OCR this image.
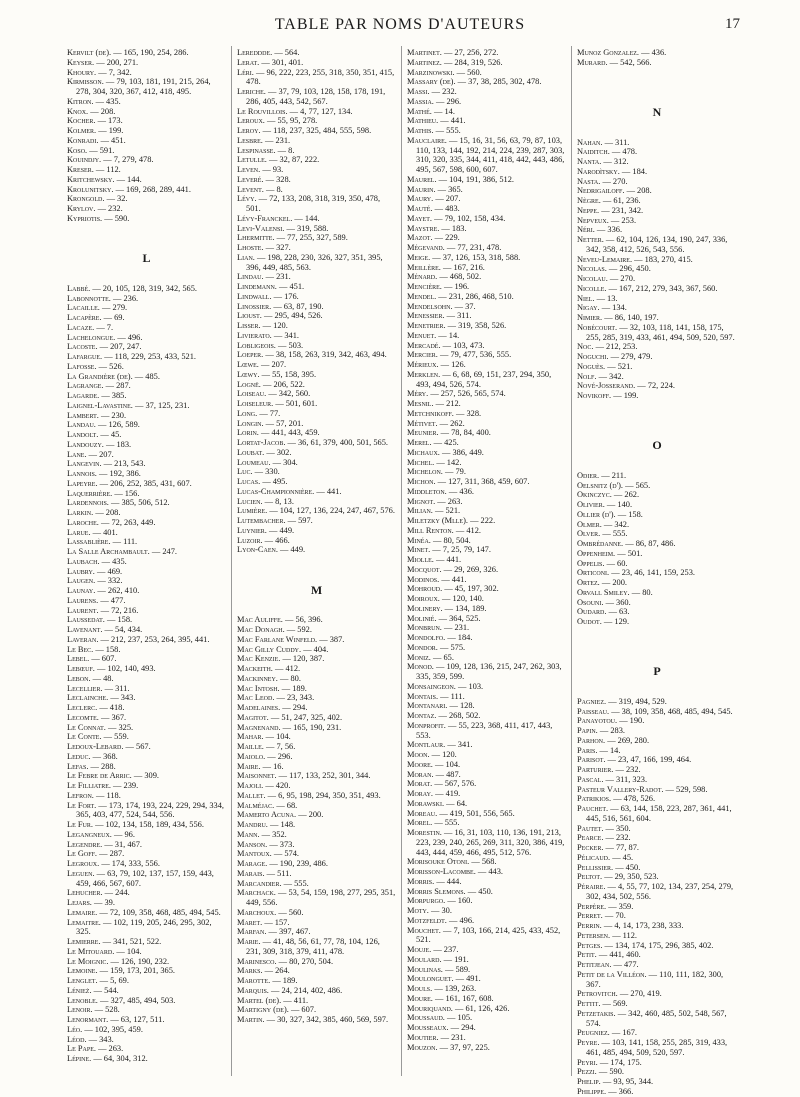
TABLE PAR NOMS D'AUTEURS	17
Kervilt (de). — 165, 190, 254, 286.
Keyser. — 200, 271.
Khoury. — 7, 342.
Kirmisson. — 79, 103, 181, 191, 215, 264, 278, 304, 320, 367, 412, 418, 495.
Kitron. — 435.
Knox. — 208.
Kocher. — 173.
Kolmer. — 199.
Konradi. — 451.
Koso. — 591.
Kouindjy. — 7, 279, 478.
Kreser. — 112.
Kritchewsky. — 144.
Krolunitsky. — 169, 268, 289, 441.
Krongold. — 32.
Krylov. — 232.
Kypriotis. — 590.
L
Labbé. — 20, 105, 128, 319, 342, 565.
Labonnotte. — 236.
Lacaille. — 279.
Lacapère. — 69.
Lacaze. — 7.
Lachelongue. — 496.
Lacoste. — 207, 247.
Lafargue. — 118, 229, 253, 433, 521.
Lafosse. — 526.
La Grandière (de). — 485.
Lagrange. — 287.
Lagarde. — 385.
Laignel-Lavastine. — 37, 125, 231.
Lambert. — 230.
Landau. — 126, 589.
Landolt. — 45.
Landouzy. — 183.
Lane. — 207.
Langevin. — 213, 543.
Lannois. — 192, 386.
Lapeyre. — 206, 252, 385, 431, 607.
Laquerrière. — 156.
Lardennois. — 385, 506, 512.
Larkin. — 208.
Laroche. — 72, 263, 449.
Larue. — 401.
Lassablière. — 111.
La Salle Archambault. — 247.
Laubach. — 435.
Laubry. — 469.
Laugen. — 332.
Launay. — 262, 410.
Laurens. — 477.
Laurent. — 72, 216.
Laussedat. — 158.
Lavenant. — 54, 434.
Laveran. — 212, 237, 253, 264, 395, 441.
Le Bec. — 158.
Lebel. — 607.
Lebœuf. — 102, 140, 493.
Lebon. — 48.
Lecellier. — 311.
Leclainche. — 343.
Leclerc. — 418.
Lecomte. — 367.
Le Connat. — 325.
Le Conte. — 559.
Ledoux-Lebard. — 567.
Leduc. — 368.
Lefas. — 288.
Le Febre de Arric. — 309.
Le Filliatre. — 239.
Lefron. — 118.
Le Fort. — 173, 174, 193, 224, 229, 294, 334, 365, 403, 477, 524, 544, 556.
Le Fur. — 102, 134, 158, 189, 434, 556.
Legangneux. — 96.
Legendre. — 31, 467.
Le Goff. — 287.
Legroux. — 174, 333, 556.
Leguen. — 63, 79, 102, 137, 157, 159, 443, 459, 466, 567, 607.
Lehucher. — 244.
Lejars. — 39.
Lemaire. — 72, 109, 358, 468, 485, 494, 545.
Lemaitre. — 102, 119, 205, 246, 295, 302, 325.
Lemierre. — 341, 521, 522.
Le Mitouard. — 104.
Le Moignic. — 126, 190, 232.
Lemoine. — 159, 173, 201, 365.
Lenglet. — 5, 69.
Lénież. — 544.
Lenoble. — 327, 485, 494, 503.
Lenoir. — 528.
Lenormant. — 63, 127, 511.
Léo. — 102, 395, 459.
Léod. — 343.
Le Pape. — 263.
Lépine. — 64, 304, 312.
Lereddde. — 564.
Lerat. — 301, 401.
Léri. — 96, 222, 223, 255, 318, 350, 351, 415, 478.
Leriche. — 37, 79, 103, 128, 158, 178, 191, 286, 405, 443, 542, 567.
Le Rouvillois. — 4, 77, 127, 134.
Leroux. — 55, 95, 278.
Leroy. — 118, 237, 325, 484, 555, 598.
Lesbre. — 231.
Lespinasse. — 8.
Letulle. — 32, 87, 222.
Leven. — 93.
Leveré. — 328.
Levent. — 8.
Lévy. — 72, 133, 208, 318, 319, 350, 478, 501.
Lévy-Franckel. — 144.
Levi-Valensi. — 319, 588.
Lhermitte. — 77, 255, 327, 589.
Lhoste. — 327.
Lian. — 198, 228, 230, 326, 327, 351, 395, 396, 449, 485, 563.
Lindau. — 231.
Lindemann. — 451.
Lindwall. — 176.
Linossier. — 63, 87, 190.
Lioust. — 295, 494, 526.
Lisser. — 120.
Livierato. — 341.
Lobligeois. — 503.
Loeper. — 38, 158, 263, 319, 342, 463, 494.
Lœwe. — 207.
Lœwy. — 55, 158, 395.
Lognë. — 206, 522.
Loiseau. — 342, 560.
Loiseleur. — 501, 601.
Long. — 77.
Longin. — 57, 201.
Lorin. — 441, 443, 459.
Lortat-Jacob. — 36, 61, 379, 400, 501, 565.
Loubat. — 302.
Loumeau. — 304.
Luc. — 330.
Lucas. — 495.
Lucas-Championnière. — 441.
Lucien. — 8, 13.
Lumière. — 104, 127, 136, 224, 247, 467, 576.
Lutembacher. — 597.
Luynier. — 449.
Luzoir. — 466.
Lyon-Caen. — 449.
M
Mac Auliffe. — 56, 396.
Mac Donagh. — 592.
Mac Farlane Winfeld. — 387.
Mac Gilly Cuddy. — 404.
Mac Kenzie. — 120, 387.
Mackeith. — 412.
Mackinney. — 80.
Mac Intosh. — 189.
Mac Leod. — 23, 343.
Madelaines. — 294.
Magitot. — 51, 247, 325, 402.
Magnenand. — 165, 190, 231.
Mahar. — 104.
Maille. — 7, 56.
Maiolo. — 296.
Maire. — 16.
Maisonnet. — 117, 133, 252, 301, 344.
Majoli. — 420.
Mallet. — 6, 95, 198, 294, 350, 351, 493.
Malméjac. — 68.
Mamerto Acuna. — 200.
Mandru. — 148.
Mann. — 352.
Manson. — 373.
Mantoux. — 574.
Marage. — 190, 239, 486.
Marais. — 511.
Marcandier. — 555.
Marchack. — 53, 54, 159, 198, 277, 295, 351, 449, 556.
Marchoux. — 560.
Maret. — 157.
Marfan. — 397, 467.
Marie. — 41, 48, 56, 61, 77, 78, 104, 126, 231, 309, 318, 379, 411, 478.
Marinesco. — 80, 270, 504.
Marks. — 264.
Marotte. — 189.
Marquis. — 24, 214, 402, 486.
Martel (de). — 411.
Martigny (de). — 607.
Martin. — 30, 327, 342, 385, 460, 569, 597.
Martinet. — 27, 256, 272.
Martinez. — 284, 319, 526.
Marzinowski. — 560.
Massary (de). — 37, 38, 285, 302, 478.
Massi. — 232.
Massia. — 296.
Mathé. — 14.
Mathieu. — 441.
Mathis. — 555.
Mauclaire. — 15, 16, 31, 56, 63, 79, 87, 103, 110, 133, 144, 192, 214, 224, 239, 287, 303, 310, 320, 335, 344, 411, 418, 442, 443, 486, 495, 567, 598, 600, 607.
Maurel. — 104, 191, 386, 512.
Maurin. — 365.
Maury. — 207.
Mauté. — 483.
Mayet. — 79, 102, 158, 434.
Maystre. — 183.
Mazot. — 229.
Mégevand. — 77, 231, 478.
Meige. — 37, 126, 153, 318, 588.
Meillère. — 167, 216.
Ménard. — 468, 502.
Mencière. — 196.
Mendel. — 231, 286, 468, 510.
Mendelsohn. — 37.
Menessier. — 311.
Menetrier. — 319, 358, 526.
Menuet. — 14.
Mercadé. — 103, 473.
Mercier. — 79, 477, 536, 555.
Mérieux. — 126.
Merklen. — 6, 68, 69, 151, 237, 294, 350, 493, 494, 526, 574.
Méry. — 257, 526, 565, 574.
Mesnil. — 212.
Metchnikoff. — 328.
Métivet. — 262.
Meunier. — 78, 84, 400.
Merel. — 425.
Michaux. — 386, 449.
Michel. — 142.
Michelon. — 79.
Michon. — 127, 311, 368, 459, 607.
Middleton. — 436.
Mignot. — 263.
Milian. — 521.
Miletzky (Mlle). — 222.
Mill Renton. — 412.
Minéa. — 80, 504.
Minet. — 7, 25, 79, 147.
Miolle. — 441.
Mocquot. — 29, 269, 326.
Modinos. — 441.
Mohroud. — 45, 197, 302.
Moiroux. — 120, 140.
Molinery. — 134, 189.
Molinié. — 364, 525.
Monbrun. — 231.
Mondolfo. — 184.
Mondor. — 575.
Moniz. — 65.
Monod. — 109, 128, 136, 215, 247, 262, 303, 335, 359, 599.
Monsaingeon. — 103.
Montais. — 111.
Montanari. — 128.
Montaz. — 268, 502.
Monprofit. — 55, 223, 368, 411, 417, 443, 553.
Montlaur. — 341.
Moon. — 120.
Moore. — 104.
Moran. — 487.
Morat. — 567, 576.
Moray. — 419.
Morawski. — 64.
Moreau. — 419, 501, 556, 565.
Morel. — 555.
Morestin. — 16, 31, 103, 110, 136, 191, 213, 223, 239, 240, 265, 269, 311, 320, 386, 419, 443, 444, 459, 466, 495, 512, 576.
Morisouke Otoni. — 568.
Morisson-Lacombe. — 443.
Morris. — 444.
Morris Slemons. — 450.
Morpurgo. — 160.
Moty. — 30.
Motzfeldt. — 496.
Mouchet. — 7, 103, 166, 214, 425, 433, 452, 521.
Mouje. — 237.
Moulard. — 191.
Moulinas. — 589.
Moulonguet. — 491.
Mouls. — 139, 263.
Moure. — 161, 167, 608.
Mouriquand. — 61, 126, 426.
Moussaud. — 105.
Mousseaux. — 294.
Moutier. — 231.
Mouzon. — 37, 97, 225.
Munoz Gonzalez. — 436.
Murard. — 542, 566.
N
Nahan. — 311.
Naiditch. — 478.
Nanta. — 312.
Narodìtsky. — 184.
Nasta. — 270.
Nedrigailoff. — 208.
Nègre. — 61, 236.
Neppe. — 231, 342.
Nepveux. — 253.
Néri. — 336.
Netter. — 62, 104, 126, 134, 190, 247, 336, 342, 358, 412, 526, 543, 556.
Neveu-Lemaire. — 183, 270, 415.
Nicolas. — 296, 450.
Nicolau. — 270.
Nicolle. — 167, 212, 279, 343, 367, 560.
Niel. — 13.
Nigay. — 134.
Nimier. — 86, 140, 197.
Nobécourt. — 32, 103, 118, 141, 158, 175, 255, 285, 319, 433, 461, 494, 509, 520, 597.
Noc. — 212, 253.
Noguchi. — 279, 479.
Noguès. — 521.
Nolf. — 342.
Nové-Josserand. — 72, 224.
Novikoff. — 199.
O
Odier. — 211.
Oelsnitz (d'). — 565.
Okinczyc. — 262.
Olivier. — 140.
Ollier (d'). — 158.
Olmer. — 342.
Olver. — 555.
Ombrédanne. — 86, 87, 486.
Oppenheim. — 501.
Oppelis. — 60.
Orticoni. — 23, 46, 141, 159, 253.
Ortez. — 200.
Orvall Smiley. — 80.
Osouni. — 360.
Oudard. — 63.
Oudot. — 129.
P
Pagniez. — 319, 494, 529.
Paisseau. — 38, 109, 358, 468, 485, 494, 545.
Panayotou. — 190.
Papin. — 283.
Parhon. — 269, 280.
Paris. — 14.
Parisot. — 23, 47, 166, 199, 464.
Parturier. — 232.
Pascal. — 311, 323.
Pasteur Vallery-Radot. — 529, 598.
Patrikios. — 478, 526.
Pauchet. — 63, 144, 158, 223, 287, 361, 441, 445, 516, 561, 604.
Pautet. — 350.
Pearce. — 232.
Pecker. — 77, 87.
Pélicaud. — 45.
Pellissier. — 450.
Peltot. — 29, 350, 523.
Péraire. — 4, 55, 77, 102, 134, 237, 254, 279, 302, 434, 502, 556.
Perpère. — 359.
Perret. — 70.
Perrin. — 4, 14, 173, 238, 333.
Petersen. — 112.
Petges. — 134, 174, 175, 296, 385, 402.
Petit. — 441, 460.
Petitjean. — 477.
Petit de la Villéon. — 110, 111, 182, 300, 367.
Petrovitch. — 270, 419.
Pettit. — 569.
Petzetakis. — 342, 460, 485, 502, 548, 567, 574.
Peugniez. — 167.
Peyre. — 103, 141, 158, 255, 285, 319, 433, 461, 485, 494, 509, 520, 597.
Peyri. — 174, 175.
Pezzi. — 590.
Phelip. — 93, 95, 344.
Philippe. — 366.
